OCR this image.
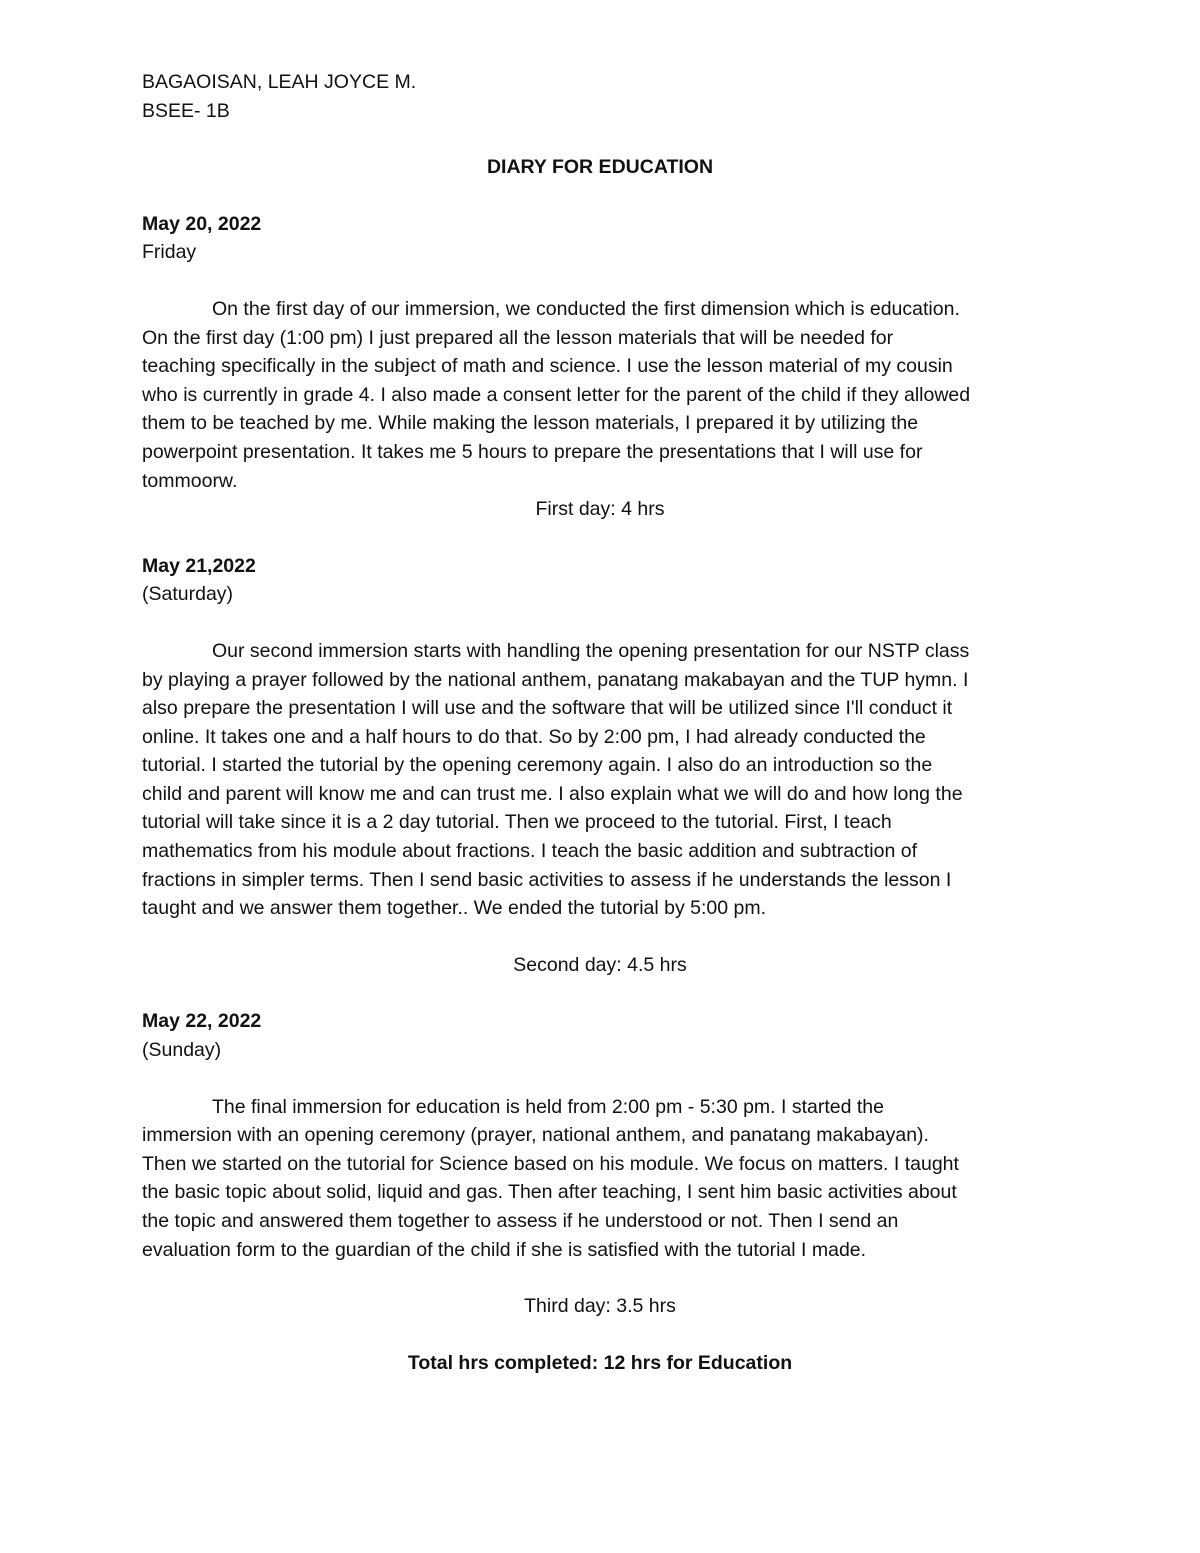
BAGAOISAN, LEAH JOYCE M.

BSEE- 1B

DIARY FOR EDUCATION

May 20, 2022

Friday

On the first day of our immersion, we conducted the first dimension which is education.
On the first day (1:00 pm) I just prepared all the lesson materials that will be needed for
teaching specifically in the subject of math and science. I use the lesson material of my cousin
who is currently in grade 4. I also made a consent letter for the parent of the child if they allowed
them to be teached by me. While making the lesson materials, I prepared it by utilizing the
powerpoint presentation. It takes me 5 hours to prepare the presentations that I will use for
tommoorw.

First day: 4 hrs

May 21,2022

(Saturday)

Our second immersion starts with handling the opening presentation for our NSTP class
by playing a prayer followed by the national anthem, panatang makabayan and the TUP hymn. I
also prepare the presentation I will use and the software that will be utilized since I'll conduct it
online. It takes one and a half hours to do that. So by 2:00 pm, I had already conducted the
tutorial. I started the tutorial by the opening ceremony again. I also do an introduction so the
child and parent will know me and can trust me. I also explain what we will do and how long the
tutorial will take since it is a 2 day tutorial. Then we proceed to the tutorial. First, I teach
mathematics from his module about fractions. I teach the basic addition and subtraction of
fractions in simpler terms. Then I send basic activities to assess if he understands the lesson I
taught and we answer them together.. We ended the tutorial by 5:00 pm.

Second day: 4.5 hrs

May 22, 2022

(Sunday)

The final immersion for education is held from 2:00 pm - 5:30 pm. I started the
immersion with an opening ceremony (prayer, national anthem, and panatang makabayan).
Then we started on the tutorial for Science based on his module. We focus on matters. I taught
the basic topic about solid, liquid and gas. Then after teaching, I sent him basic activities about
the topic and answered them together to assess if he understood or not. Then I send an
evaluation form to the guardian of the child if she is satisfied with the tutorial I made.

Third day: 3.5 hrs

Total hrs completed: 12 hrs for Education
